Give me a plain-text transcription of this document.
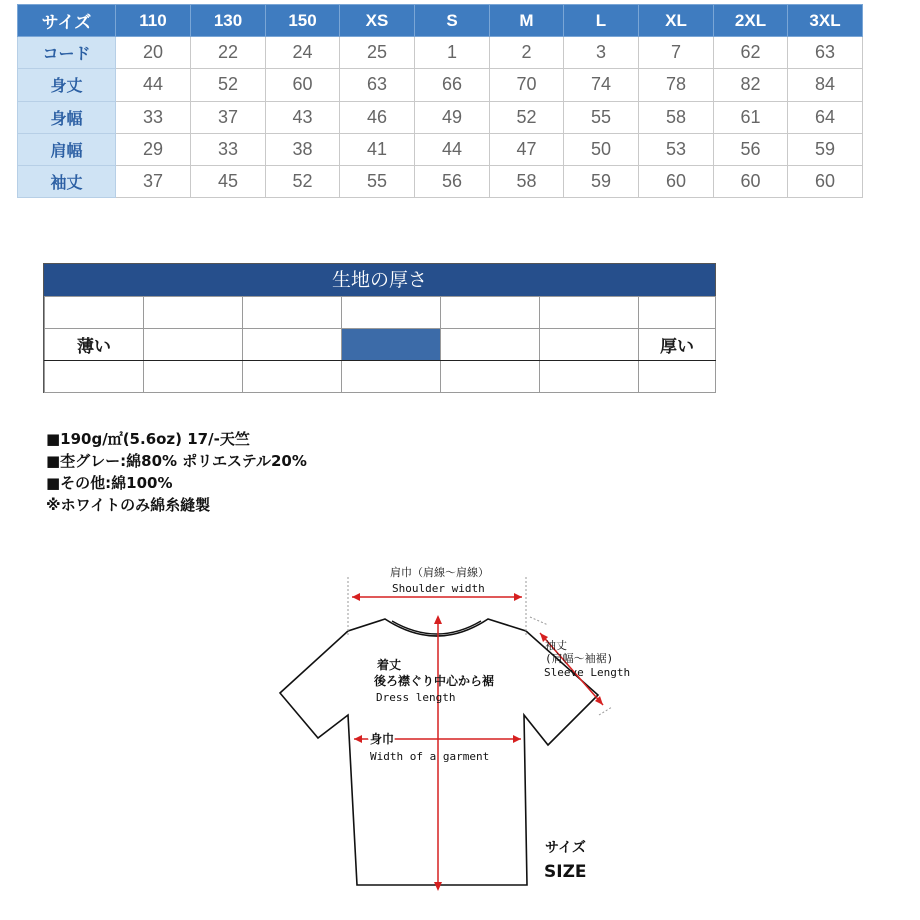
サイズ	110	130	150	XS	S	M	L	XL	2XL	3XL
コード	20	22	24	25	1	2	3	7	62	63
身丈	44	52	60	63	66	70	74	78	82	84
身幅	33	37	43	46	49	52	55	58	61	64
肩幅	29	33	38	41	44	47	50	53	56	59
袖丈	37	45	52	55	56	58	59	60	60	60
生地の厚さ

薄い						厚い

■190g/㎡(5.6oz) 17/-天竺
■杢グレー:綿80% ポリエステル20%
■その他:綿100%
※ホワイトのみ綿糸縫製
肩巾（肩線〜肩線）
Shoulder width
袖丈
(肩幅〜袖裾)
Sleeve Length
着丈
後ろ襟ぐり中心から裾
Dress length
身巾
Width of a garment
サイズ
SIZE
